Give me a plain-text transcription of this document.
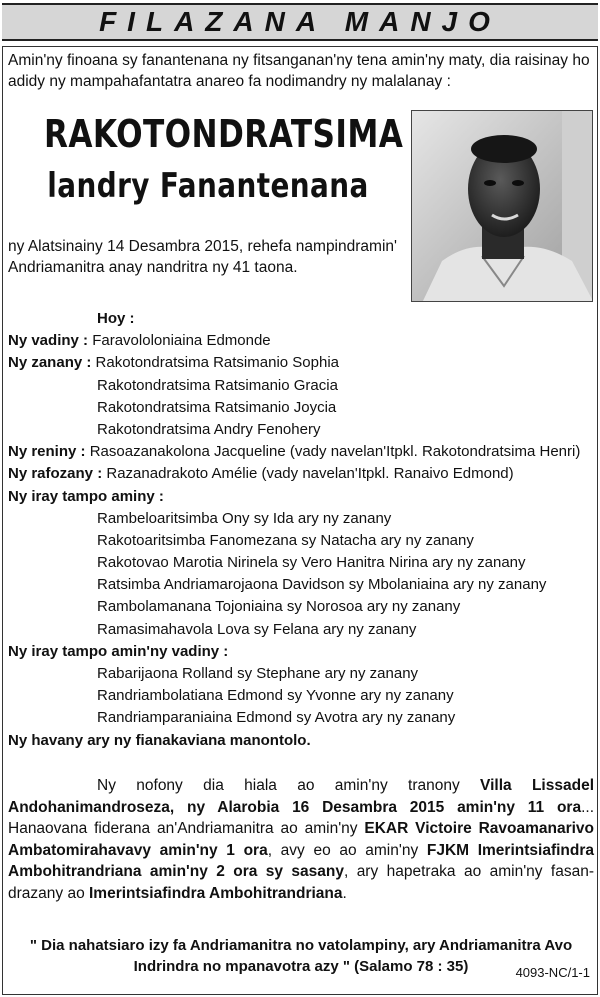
FILAZANA MANJO
Amin'ny finoana sy fanantenana ny fitsanganan'ny tena amin'ny maty, dia raisinay ho adidy ny mampahafantatra anareo fa nodimandry ny malalanay :
RAKOTONDRATSIMA
landry Fanantenana
ny Alatsinainy 14 Desambra 2015, rehefa nampindramin' Andriamanitra anay nandritra ny 41 taona.
Hoy :
Ny vadiny : Faravololoniaina Edmonde
Ny zanany : Rakotondratsima Ratsimanio Sophia
Rakotondratsima Ratsimanio Gracia
Rakotondratsima Ratsimanio Joycia
Rakotondratsima Andry Fenohery
Ny reniny : Rasoazanakolona Jacqueline (vady navelan'Itpkl. Rakotondratsima Henri)
Ny rafozany : Razanadrakoto Amélie (vady navelan'Itpkl. Ranaivo Edmond)
Ny iray tampo aminy :
Rambeloaritsimba Ony sy Ida ary ny zanany
Rakotoaritsimba Fanomezana sy Natacha ary ny zanany
Rakotovao Marotia Nirinela sy Vero Hanitra Nirina ary ny zanany
Ratsimba Andriamarojaona Davidson sy Mbolaniaina ary ny zanany
Rambolamanana Tojoniaina sy Norosoa ary ny zanany
Ramasimahavola Lova sy Felana ary ny zanany
Ny iray tampo amin'ny vadiny :
Rabarijaona Rolland sy Stephane ary ny zanany
Randriambolatiana Edmond sy Yvonne ary ny zanany
Randriamparaniaina Edmond sy Avotra ary ny zanany
Ny havany ary ny fianakaviana manontolo.
Ny nofony dia hiala ao amin'ny tranony Villa Lissadel Andohanimandroseza, ny Alarobia 16 Desambra 2015 amin'ny 11 ora... Hanaovana fiderana an'Andriamanitra ao amin'ny EKAR Victoire Ravoamanarivo Ambatomirahavavy amin'ny 1 ora, avy eo ao amin'ny FJKM Imerintsiafindra Ambohitrandriana amin'ny 2 ora sy sasany, ary hapetraka ao amin'ny fasan-drazany ao Imerintsiafindra Ambohitrandriana.
" Dia nahatsiaro izy fa Andriamanitra no vatolampiny, ary Andriamanitra Avo Indrindra no mpanavotra azy " (Salamo 78 : 35)	4093-NC/1-1
